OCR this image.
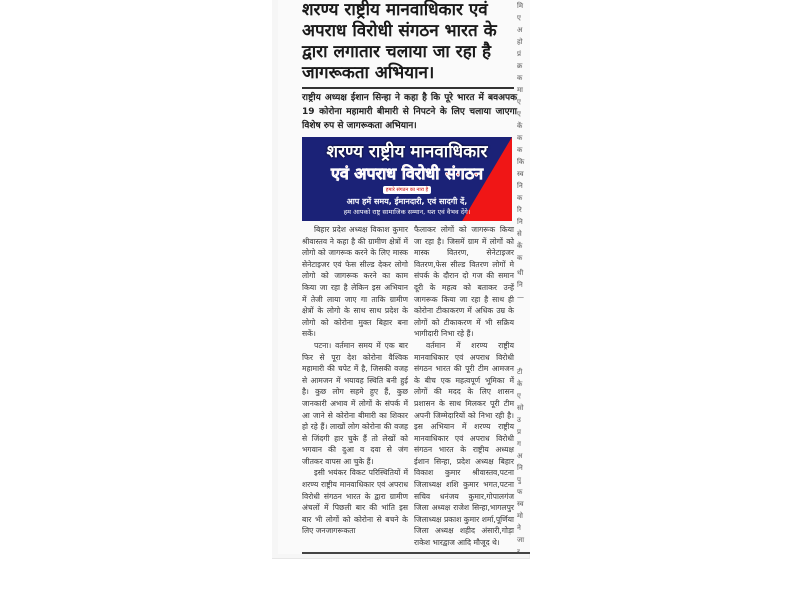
शरण्य राष्ट्रीय मानवाधिकार एवं अपराध विरोधी संगठन भारत के द्वारा लगातार चलाया जा रहा है जागरूकता अभियान।
राष्ट्रीय अध्यक्ष ईशान सिन्हा ने कहा है कि पूरे भारत में बवअपक 19 कोरोना महामारी बीमारी से निपटने के लिए चलाया जाएगा विशेष रुप से जागरूकता अभियान।
शरण्य राष्ट्रीय मानवाधिकार
एवं अपराध विरोधी संगठन
हमारे संगठन का नारा है
आप हमें समय, ईमानदारी, एवं सादगी दें,
हम आपको राष्ट्र सामाजिक सम्मान, यश एवं वैभव देंगे।

बिहार प्रदेश अध्यक्ष विकाश कुमार श्रीवास्तव ने कहा है की ग्रामीण क्षेत्रों में लोगो को जागरूक करने के लिए मास्क सेनेटाइजर एवं फेस सील्ड देकर लोगो लोगो को जागरूक करने का काम किया जा रहा है लेकिन इस अभियान में तेजी लाया जाए गा ताकि ग्रामीण क्षेत्रों के लोगो के साथ साथ प्रदेश के लोगो को कोरोना मुक्त बिहार बना सकें।

पटना। वर्तमान समय में एक बार फिर से पूरा देश कोरोना वैश्विक महामारी की चपेट में है, जिसकी वजह से आमजन में भयावह स्थिति बनी हुई है। कुछ लोग सहमे हुए हैं, कुछ जानकारी अभाव में लोगों के संपर्क में आ जाने से कोरोना बीमारी का शिकार हो रहे हैं। लाखों लोग कोरोना की वजह से जिंदगी हार चुके हैं तो लेखों को भगवान की दुआ व दवा से जंग जीतकर वापस आ चुके हैं।

इसी भयंकर विकट परिस्थितियों में शरण्य राष्ट्रीय मानवाधिकार एवं अपराध विरोधी संगठन भारत के द्वारा ग्रामीण अंचलों में पिछली बार की भांति इस बार भी लोगों को कोरोना से बचने के लिए जनजागरूकता

फैलाकर लोगों को जागरूक किया जा रहा है। जिसमें ग्राम में लोगों को मास्क वितरण, सेनेटाइजर वितरण,फेस सील्ड वितरण लोगों मे संपर्क के दौरान दो गज की समान दूरी के महत्व को बताकर उन्हें जागरूक किया जा रहा है साथ ही कोरोना टीकाकरण में अधिक उम्र के लोगों को टीकाकरण में भी सक्रिय भागीदारी निभा रहे हैं।

वर्तमान में शरण्य राष्ट्रीय मानवाधिकार एवं अपराध विरोधी संगठन भारत की पूरी टीम आमजन के बीच एक महत्वपूर्ण भूमिका में लोगों की मदद के लिए शासन प्रशासन के साथ मिलकर पूरी टीम अपनी जिम्मेदारियों को निभा रही है। इस अभियान में शरण्य राष्ट्रीय मानवाधिकार एवं अपराध विरोधी संगठन भारत के राष्ट्रीय अध्यक्ष ईशान सिन्हा, प्रदेश अध्यक्ष बिहार विकाश कुमार श्रीवास्तव,पटना जिलाध्यक्ष शशि कुमार भगत,पटना सचिव धनंजय कुमार,गोपालगंज जिला अध्यक्ष राजेश सिन्हा,भागलपुर जिलाध्यक्ष प्रकाश कुमार शर्मा,पूर्णिया जिला अध्यक्ष शहीद अंसारी,गोड़ा राकेश भारद्वाज आदि मौजूद थे।

मि
ए
अ
हो
प्रं
क्र
क
मा
ए
ए
कें
क
क
कि
स्व
नि
क
रि
नि
से
कें
क
थी
नि
—
टी
के
ए
सो
उ
प्र
ग
अ
नि
पु
फ
स्व
मो
ने
जा
र
